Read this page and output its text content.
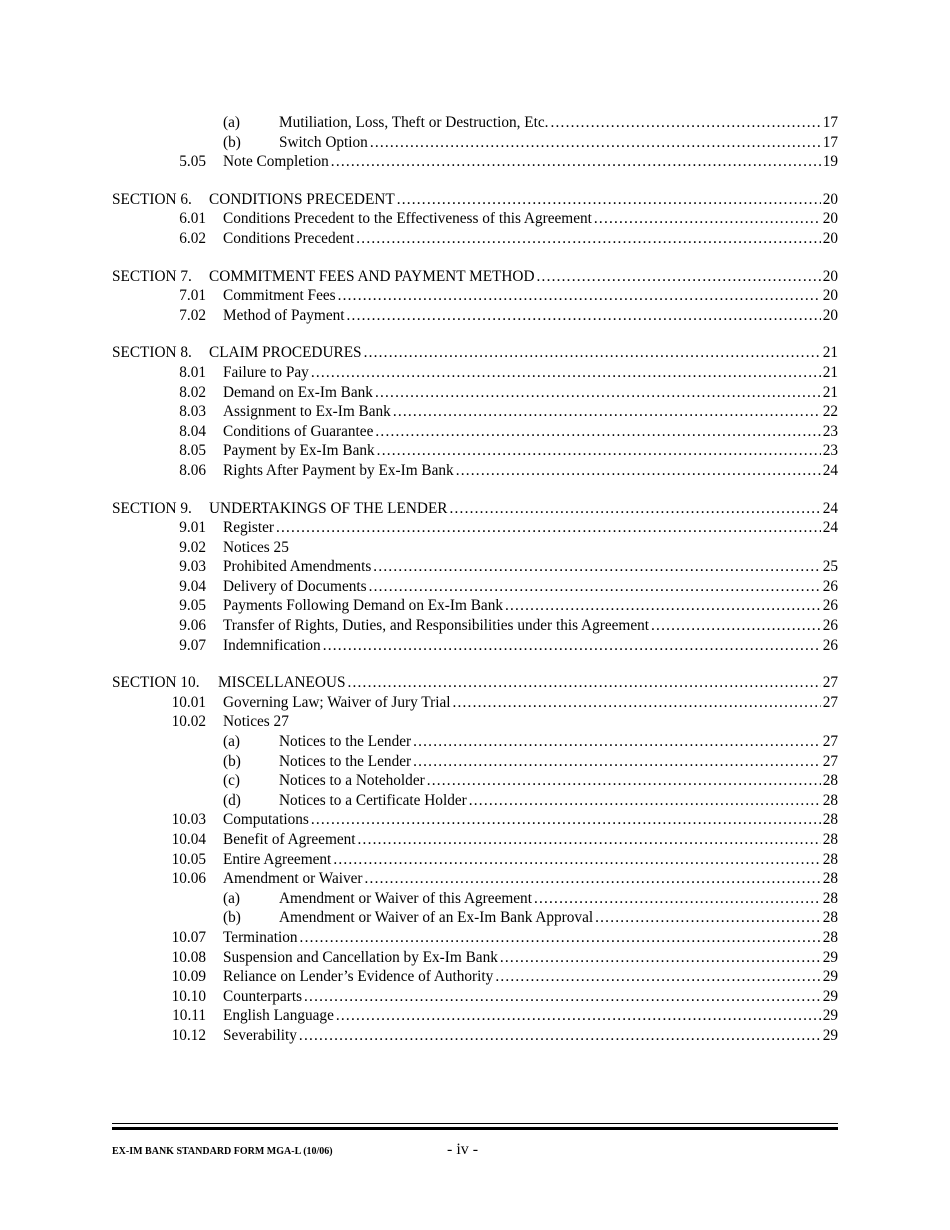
(a)	Mutiliation, Loss, Theft or Destruction, Etc. .....	17
(b) Switch Option .....	17
5.05 Note Completion .....	19
SECTION 6. CONDITIONS PRECEDENT .....	20
6.01 Conditions Precedent to the Effectiveness of this Agreement .....	20
6.02 Conditions Precedent .....	20
SECTION 7. COMMITMENT FEES AND PAYMENT METHOD .....	20
7.01 Commitment Fees .....	20
7.02 Method of Payment .....	20
SECTION 8. CLAIM PROCEDURES .....	21
8.01 Failure to Pay .....	21
8.02 Demand on Ex-Im Bank .....	21
8.03 Assignment to Ex-Im Bank .....	22
8.04 Conditions of Guarantee .....	23
8.05 Payment by Ex-Im Bank .....	23
8.06 Rights After Payment by Ex-Im Bank .....	24
SECTION 9. UNDERTAKINGS OF THE LENDER .....	24
9.01 Register .....	24
9.02 Notices 25
9.03 Prohibited Amendments .....	25
9.04 Delivery of Documents .....	26
9.05 Payments Following Demand on Ex-Im Bank .....	26
9.06 Transfer of Rights, Duties, and Responsibilities under this Agreement .....	26
9.07 Indemnification .....	26
SECTION 10. MISCELLANEOUS .....	27
10.01 Governing Law; Waiver of Jury Trial .....	27
10.02 Notices 27
(a)	Notices to the Lender .....	27
(b) Notices to the Lender .....	27
(c)	Notices to a Noteholder .....	28
(d) Notices to a Certificate Holder .....	28
10.03 Computations .....	28
10.04 Benefit of Agreement .....	28
10.05 Entire Agreement .....	28
10.06 Amendment or Waiver .....	28
(a)	Amendment or Waiver of this Agreement .....	28
(b) Amendment or Waiver of an Ex-Im Bank Approval .....	28
10.07 Termination .....	28
10.08 Suspension and Cancellation by Ex-Im Bank .....	29
10.09 Reliance on Lender’s Evidence of Authority .....	29
10.10 Counterparts .....	29
10.11 English Language .....	29
10.12 Severability .....	29
EX-IM BANK STANDARD FORM MGA-L (10/06)	- iv -
